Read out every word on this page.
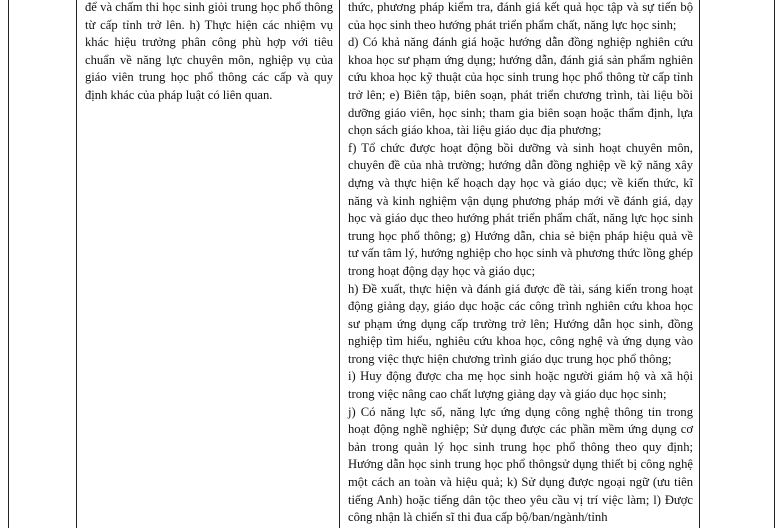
để và chấm thi học sinh giỏi trung học phổ thông từ cấp tỉnh trở lên. h) Thực hiện các nhiệm vụ khác hiệu trưởng phân công phù hợp với tiêu chuẩn về năng lực chuyên môn, nghiệp vụ của giáo viên trung học phổ thông các cấp và quy định khác của pháp luật có liên quan.

thức, phương pháp kiểm tra, đánh giá kết quả học tập và sự tiến bộ của học sinh theo hướng phát triển phẩm chất, năng lực học sinh;

d) Có khả năng đánh giá hoặc hướng dẫn đồng nghiệp nghiên cứu khoa học sư phạm ứng dụng; hướng dẫn, đánh giá sản phẩm nghiên cứu khoa học kỹ thuật của học sinh trung học phổ thông từ cấp tỉnh trở lên; e) Biên tập, biên soạn, phát triển chương trình, tài liệu bồi dưỡng giáo viên, học sinh; tham gia biên soạn hoặc thẩm định, lựa chọn sách giáo khoa, tài liệu giáo dục địa phương;

f) Tổ chức được hoạt động bồi dưỡng và sinh hoạt chuyên môn, chuyên đề của nhà trường; hướng dẫn đồng nghiệp về kỹ năng xây dựng và thực hiện kế hoạch dạy học và giáo dục; về kiến thức, kĩ năng và kinh nghiệm vận dụng phương pháp mới về đánh giá, dạy học và giáo dục theo hướng phát triển phẩm chất, năng lực học sinh trung học phổ thông; g) Hướng dẫn, chia sẻ biện pháp hiệu quả về tư vấn tâm lý, hướng nghiệp cho học sinh và phương thức lồng ghép trong hoạt động dạy học và giáo dục;

h) Đề xuất, thực hiện và đánh giá được đề tài, sáng kiến trong hoạt động giảng dạy, giáo dục hoặc các công trình nghiên cứu khoa học sư phạm ứng dụng cấp trường trở lên; Hướng dẫn học sinh, đồng nghiệp tìm hiểu, nghiêu cứu khoa học, công nghệ và ứng dụng vào trong việc thực hiện chương trình giáo dục trung học phổ thông;

i) Huy động được cha mẹ học sinh hoặc người giám hộ và xã hội trong việc nâng cao chất lượng giảng dạy và giáo dục học sinh;

j) Có năng lực số, năng lực ứng dụng công nghệ thông tin trong hoạt động nghề nghiệp; Sử dụng được các phần mềm ứng dụng cơ bản trong quản lý học sinh trung học phổ thông theo quy định; Hướng dẫn học sinh trung học phổ thôngsử dụng thiết bị công nghệ một cách an toàn và hiệu quả; k) Sử dụng được ngoại ngữ (ưu tiên tiếng Anh) hoặc tiếng dân tộc theo yêu cầu vị trí việc làm; l) Được công nhận là chiến sĩ thi đua cấp bộ/ban/ngành/tỉnh
